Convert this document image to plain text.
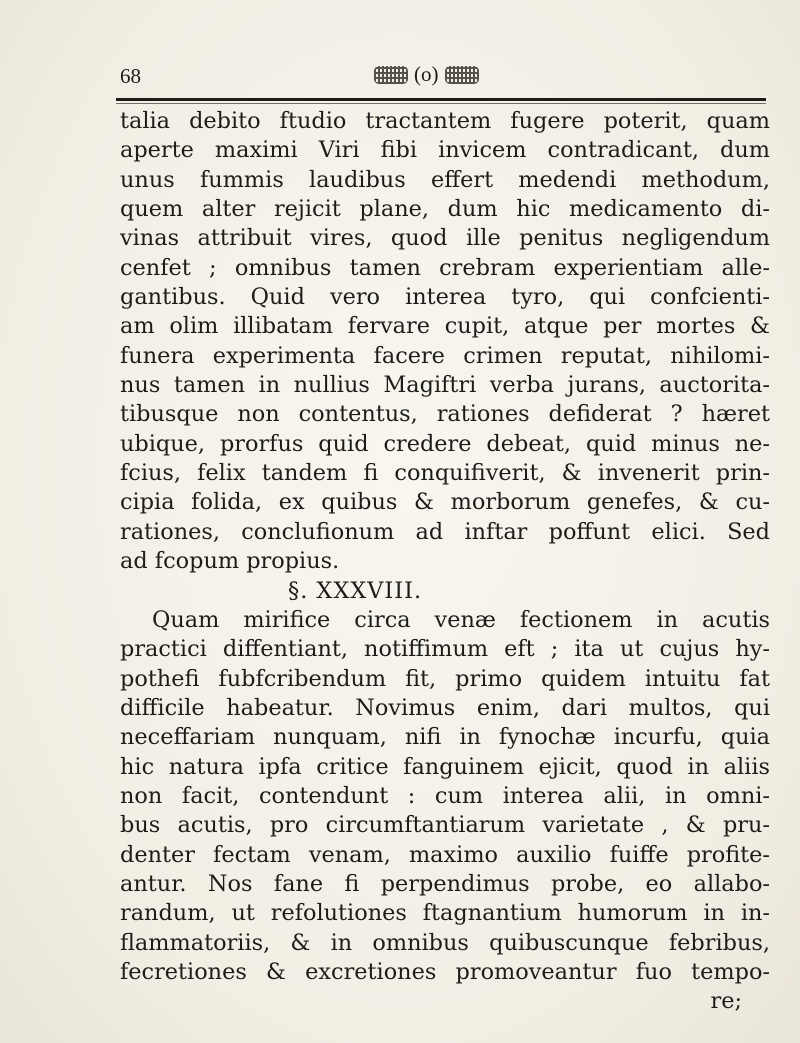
68	(o)
talia debito ftudio tractantem fugere poterit, quam
aperte maximi Viri fibi invicem contradicant, dum
unus fummis laudibus effert medendi methodum,
quem alter rejicit plane, dum hic medicamento di-
vinas attribuit vires, quod ille penitus negligendum
cenfet ; omnibus tamen crebram experientiam alle-
gantibus. Quid vero interea tyro, qui confcienti-
am olim illibatam fervare cupit, atque per mortes &
funera experimenta facere crimen reputat, nihilomi-
nus tamen in nullius Magiftri verba jurans, auctorita-
tibusque non contentus, rationes defiderat ? hæret
ubique, prorfus quid credere debeat, quid minus ne-
fcius, felix tandem fi conquifiverit, & invenerit prin-
cipia folida, ex quibus & morborum genefes, & cu-
rationes, conclufionum ad inftar poffunt elici. Sed
ad fcopum propius.
§. XXXVIII.
Quam mirifice circa venæ fectionem in acutis
practici diffentiant, notiffimum eft ; ita ut cujus hy-
pothefi fubfcribendum fit, primo quidem intuitu fat
difficile habeatur. Novimus enim, dari multos, qui
neceffariam nunquam, nifi in fynochæ incurfu, quia
hic natura ipfa critice fanguinem ejicit, quod in aliis
non facit, contendunt : cum interea alii, in omni-
bus acutis, pro circumftantiarum varietate , & pru-
denter fectam venam, maximo auxilio fuiffe profite-
antur. Nos fane fi perpendimus probe, eo allabo-
randum, ut refolutiones ftagnantium humorum in in-
flammatoriis, & in omnibus quibuscunque febribus,
fecretiones & excretiones promoveantur fuo tempo-
re;
